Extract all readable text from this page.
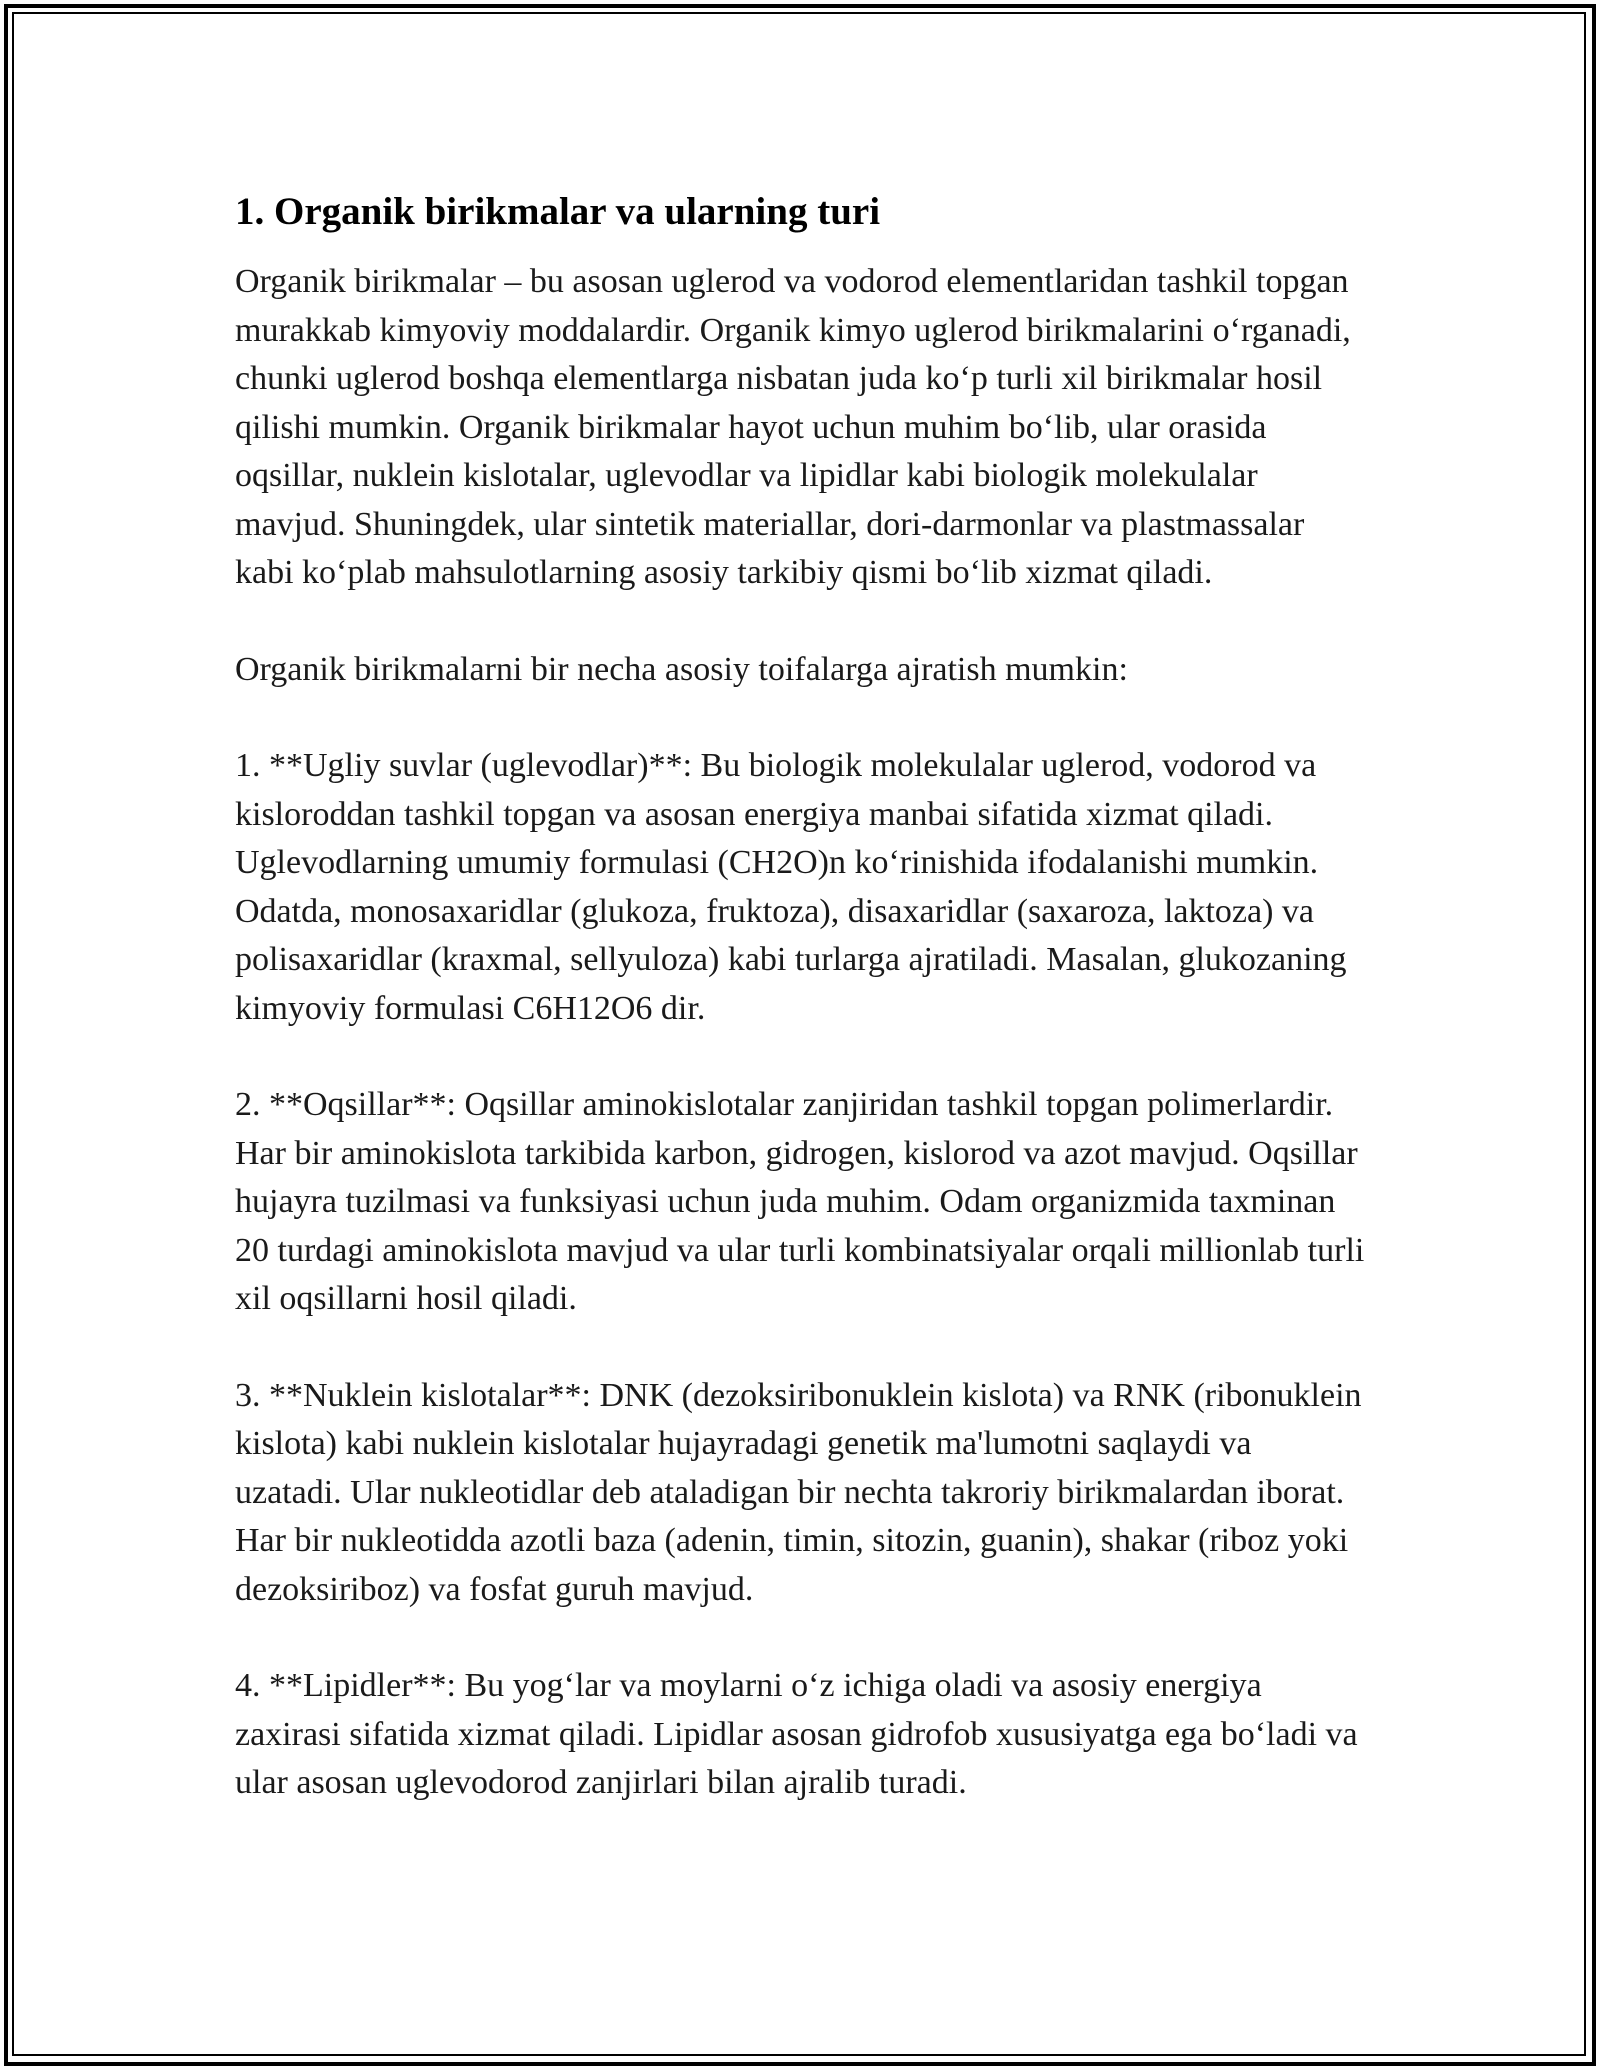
1. Organik birikmalar va ularning turi

Organik birikmalar – bu asosan uglerod va vodorod elementlaridan tashkil topgan murakkab kimyoviy moddalardir. Organik kimyo uglerod birikmalarini o‘rganadi, chunki uglerod boshqa elementlarga nisbatan juda ko‘p turli xil birikmalar hosil qilishi mumkin. Organik birikmalar hayot uchun muhim bo‘lib, ular orasida oqsillar, nuklein kislotalar, uglevodlar va lipidlar kabi biologik molekulalar mavjud. Shuningdek, ular sintetik materiallar, dori-darmonlar va plastmassalar kabi ko‘plab mahsulotlarning asosiy tarkibiy qismi bo‘lib xizmat qiladi.

Organik birikmalarni bir necha asosiy toifalarga ajratish mumkin:

1. **Ugliy suvlar (uglevodlar)**: Bu biologik molekulalar uglerod, vodorod va kisloroddan tashkil topgan va asosan energiya manbai sifatida xizmat qiladi. Uglevodlarning umumiy formulasi (CH2O)n ko‘rinishida ifodalanishi mumkin. Odatda, monosaxaridlar (glukoza, fruktoza), disaxaridlar (saxaroza, laktoza) va polisaxaridlar (kraxmal, sellyuloza) kabi turlarga ajratiladi. Masalan, glukozaning kimyoviy formulasi C6H12O6 dir.

2. **Oqsillar**: Oqsillar aminokislotalar zanjiridan tashkil topgan polimerlardir. Har bir aminokislota tarkibida karbon, gidrogen, kislorod va azot mavjud. Oqsillar hujayra tuzilmasi va funksiyasi uchun juda muhim. Odam organizmida taxminan 20 turdagi aminokislota mavjud va ular turli kombinatsiyalar orqali millionlab turli xil oqsillarni hosil qiladi.

3. **Nuklein kislotalar**: DNK (dezoksiribonuklein kislota) va RNK (ribonuklein kislota) kabi nuklein kislotalar hujayradagi genetik ma'lumotni saqlaydi va uzatadi. Ular nukleotidlar deb ataladigan bir nechta takroriy birikmalardan iborat. Har bir nukleotidda azotli baza (adenin, timin, sitozin, guanin), shakar (riboz yoki dezoksiriboz) va fosfat guruh mavjud.

4. **Lipidler**: Bu yog‘lar va moylarni o‘z ichiga oladi va asosiy energiya zaxirasi sifatida xizmat qiladi. Lipidlar asosan gidrofob xususiyatga ega bo‘ladi va ular asosan uglevodorod zanjirlari bilan ajralib turadi.
